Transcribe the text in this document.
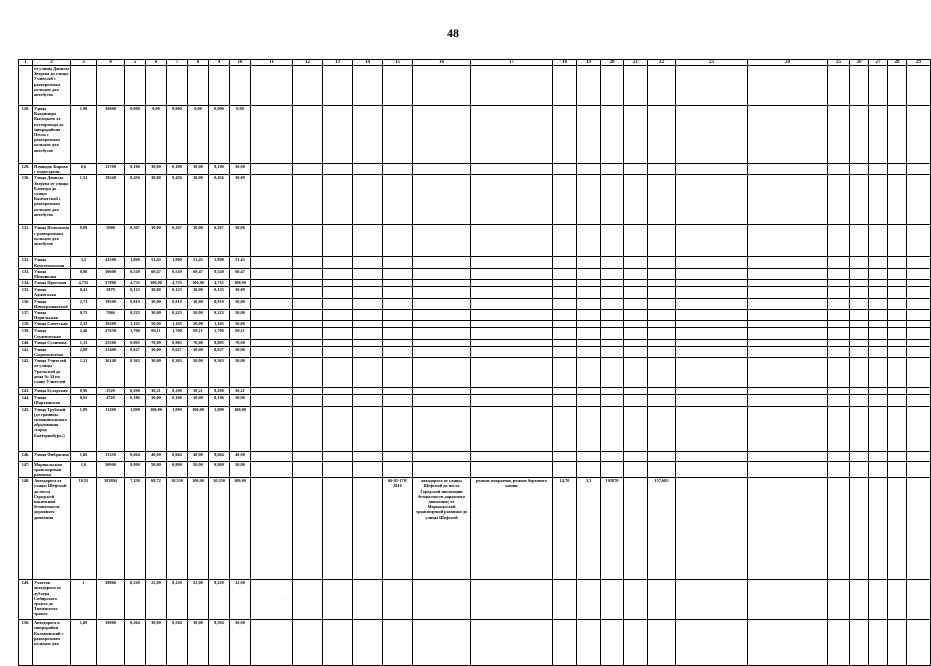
48
1	2	3	4	5	6	7	8	9	10	11	12	13	14	15	16	17	18	19	20	21	22	23	24	25	26	27	28	29
	от улицы Данилы Зверева до улицы Учителей с разворотным кольцом для автобусов																											
128.	Улица Владимира Высоцкого от путепровода до микрорайона Песок с разворотным кольцом для автобусов	1,90	36000	0,000	0,00	0,000	0,00	0,000	0,00																			
129.	Площадь Кирова с подъездами	0,6	13709	0,180	30,00	0,180	30,00	0,180	30,00																			
130.	Улица Данилы Зверева от улицы Блюхера до улицы Камчатской с разворотным кольцом для автобусов	1,52	19240	0,456	30,00	0,456	30,00	0,456	30,00																			
131.	Улица Исполкома с разворотным кольцом для автобусов	0,89	5900	0,267	30,00	0,267	30,00	0,267	30,00																			
132.	Улица Комсомольская	3,5	41500	1,800	51,43	1,800	51,43	1,800	51,43																			
133.	Улица Мечникова	0,86	10600	0,520	60,47	0,520	60,47	0,520	60,47																			
134.	Улица Проезжая	4,735	37868	4,735	100,00	4,735	100,00	4,735	100,00																			
135.	Улица Адмиталка	0,41	2879	0,123	30,00	0,123	30,00	0,123	30,00																			
136.	Улица Новотрошанской	2,73	19500	0,819	30,00	0,819	30,00	0,819	30,00																			
137.	Улица Норильская	0,75	7066	0,225	30,00	0,225	30,00	0,225	30,00																			
138.	Улица Советская	2,33	18200	1,165	50,00	1,165	50,00	1,165	50,00																			
139.	Улица Студенческая	2,46	27630	1,700	69,11	1,700	69,11	1,700	69,11																			
140.	Улица Сулимова	1,15	25500	0,805	70,00	0,805	70,00	0,805	70,00																			
141.	Улица Сыромолотова	2,09	21400	0,627	30,00	0,627	30,00	0,627	30,00																			
142.	Улица Учителей от улицы Уральской до дома № 34 по улице Учителей	1,21	26140	0,363	30,00	0,363	30,00	0,363	30,00																			
143.	Улица Бухарская	0,96	2520	0,290	30,21	0,290	30,21	0,290	30,21																			
144.	Улица Шарташская	0,62	4720	0,186	30,00	0,186	30,00	0,186	30,00																			
145.	Улица Трубачей (до границы муниципального образования «город Екатеринбург»)	1,09	11200	1,090	100,00	1,090	100,00	1,090	100,00																			
146.	Улица Фибрагана	1,66	13350	0,664	40,00	0,664	40,00	0,664	40,00																			
147.	Маршальская транспортная развязка	1,6	30000	0,800	50,00	0,800	50,00	0,800	50,00																			
148.	Автодорога от улицы Шефской до поста Городской инспекции безопасности дорожного движения	10,55	303804	7,250	68,72	10,550	100,00	10,550	100,00					66-01-170/ 2016	автодорога от улицы Шефской до поста Городской инспекции безопасности дорожного движения; от Маршальской транспортной развязки до улицы Шефской	ремонт покрытия, ремонт бортового камня	14,70	3,3	102870		157,605							
149.	Участок автодороги от дублера Сибирского тракта до Тюменского тракта	1	28066	0,220	22,00	0,220	22,00	0,220	22,00																			
150.	Автодорога в микрорайон Кальвинский с разворотным кольцом для	1,60	19000	0,504	30,00	0,504	30,00	0,504	30,00																			
·
·
